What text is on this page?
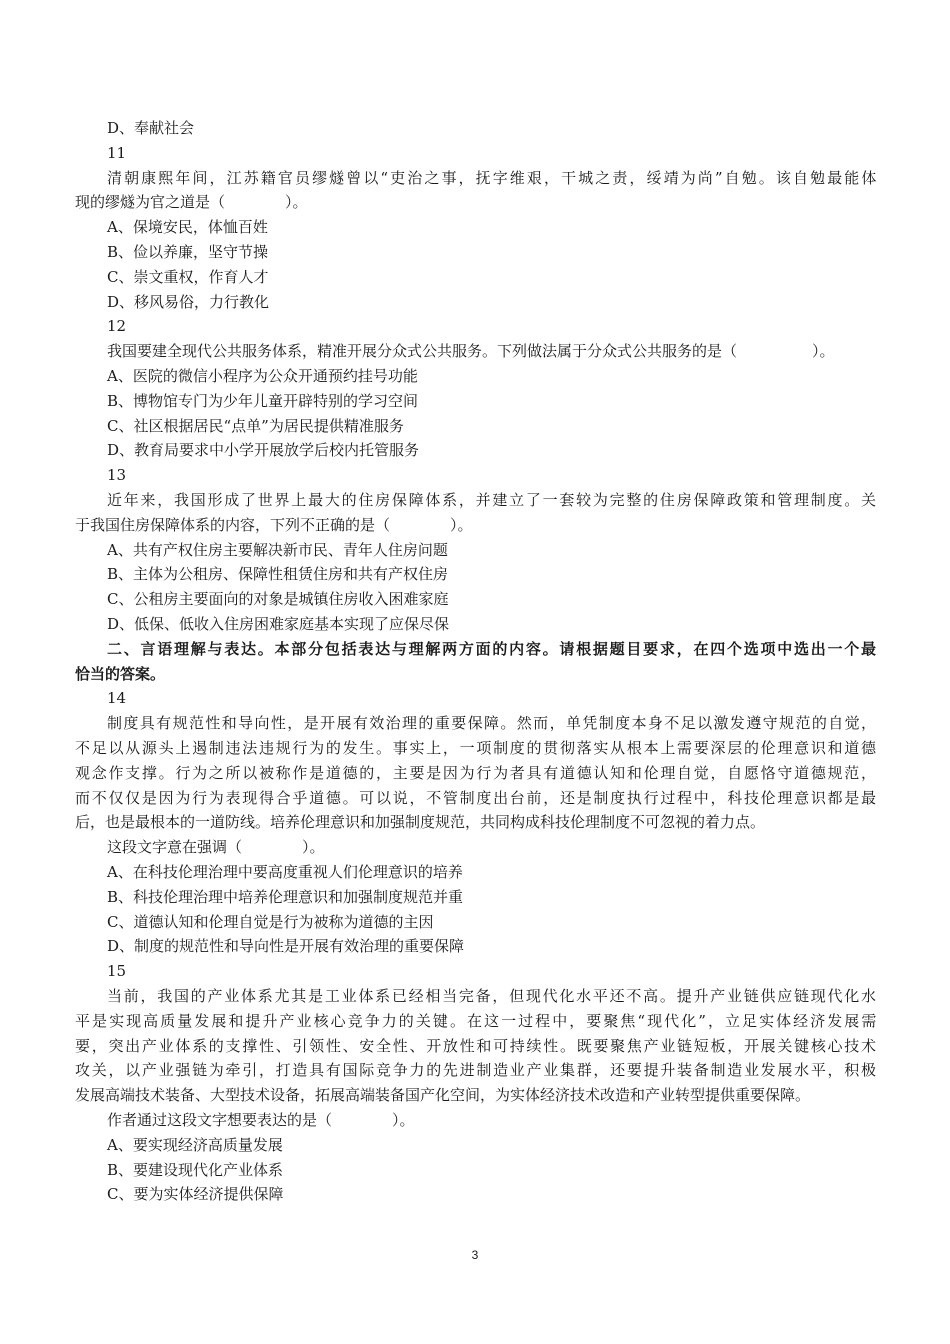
D、奉献社会
11
清朝康熙年间，江苏籍官员缪燧曾以“吏治之事，抚字维艰，干城之责，绥靖为尚”自勉。该自勉最能体
现的缪燧为官之道是（　　　　）。
A、保境安民，体恤百姓
B、俭以养廉，坚守节操
C、崇文重权，作育人才
D、移风易俗，力行教化
12
我国要建全现代公共服务体系，精准开展分众式公共服务。下列做法属于分众式公共服务的是（　　　　　）。
A、医院的微信小程序为公众开通预约挂号功能
B、博物馆专门为少年儿童开辟特别的学习空间
C、社区根据居民“点单”为居民提供精准服务
D、教育局要求中小学开展放学后校内托管服务
13
近年来，我国形成了世界上最大的住房保障体系，并建立了一套较为完整的住房保障政策和管理制度。关
于我国住房保障体系的内容，下列不正确的是（　　　　）。
A、共有产权住房主要解决新市民、青年人住房问题
B、主体为公租房、保障性租赁住房和共有产权住房
C、公租房主要面向的对象是城镇住房收入困难家庭
D、低保、低收入住房困难家庭基本实现了应保尽保
二、言语理解与表达。本部分包括表达与理解两方面的内容。请根据题目要求，在四个选项中选出一个最
恰当的答案。
14
制度具有规范性和导向性，是开展有效治理的重要保障。然而，单凭制度本身不足以激发遵守规范的自觉，
不足以从源头上遏制违法违规行为的发生。事实上，一项制度的贯彻落实从根本上需要深层的伦理意识和道德
观念作支撑。行为之所以被称作是道德的，主要是因为行为者具有道德认知和伦理自觉，自愿恪守道德规范，
而不仅仅是因为行为表现得合乎道德。可以说，不管制度出台前，还是制度执行过程中，科技伦理意识都是最
后，也是最根本的一道防线。培养伦理意识和加强制度规范，共同构成科技伦理制度不可忽视的着力点。
这段文字意在强调（　　　　）。
A、在科技伦理治理中要高度重视人们伦理意识的培养
B、科技伦理治理中培养伦理意识和加强制度规范并重
C、道德认知和伦理自觉是行为被称为道德的主因
D、制度的规范性和导向性是开展有效治理的重要保障
15
当前，我国的产业体系尤其是工业体系已经相当完备，但现代化水平还不高。提升产业链供应链现代化水
平是实现高质量发展和提升产业核心竞争力的关键。在这一过程中，要聚焦“现代化”，立足实体经济发展需
要，突出产业体系的支撑性、引领性、安全性、开放性和可持续性。既要聚焦产业链短板，开展关键核心技术
攻关，以产业强链为牵引，打造具有国际竞争力的先进制造业产业集群，还要提升装备制造业发展水平，积极
发展高端技术装备、大型技术设备，拓展高端装备国产化空间，为实体经济技术改造和产业转型提供重要保障。
作者通过这段文字想要表达的是（　　　　）。
A、要实现经济高质量发展
B、要建设现代化产业体系
C、要为实体经济提供保障
3
